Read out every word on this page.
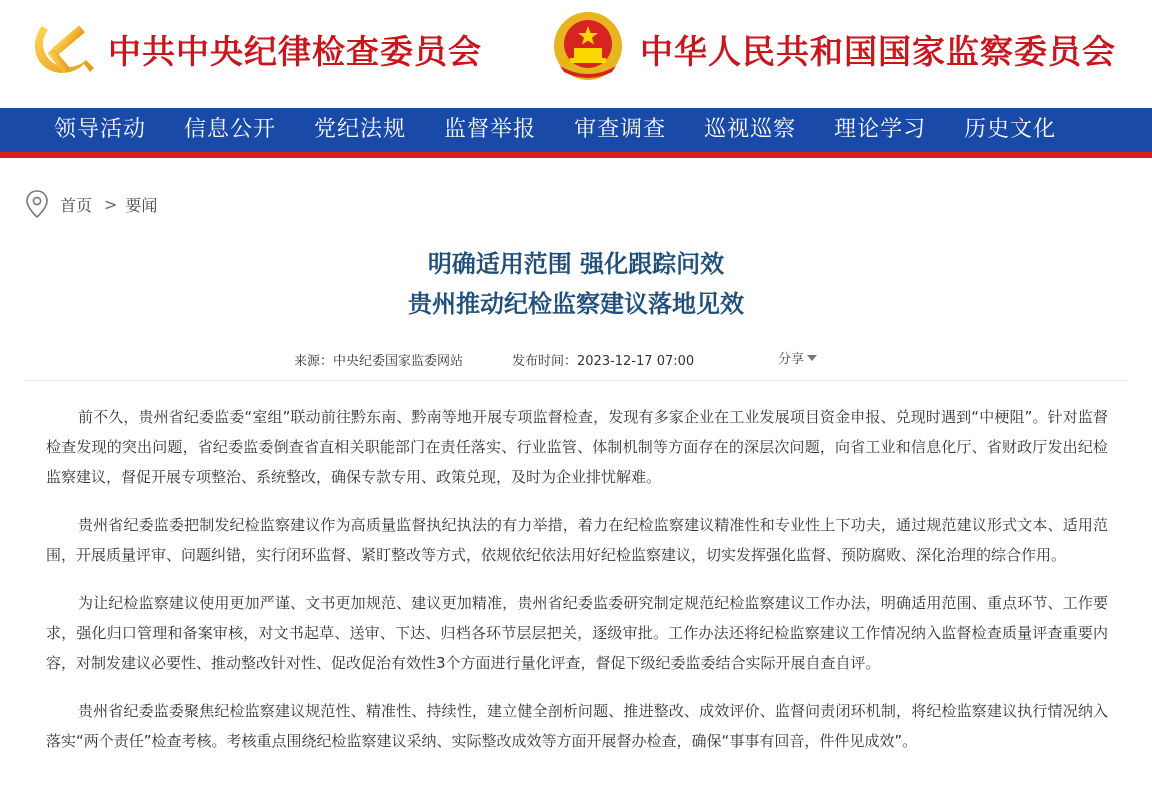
中共中央纪律检查委员会	中华人民共和国国家监察委员会
领导活动 信息公开 党纪法规 监督举报 审查调查 巡视巡察 理论学习 历史文化
首页 > 要闻
明确适用范围 强化跟踪问效
贵州推动纪检监察建议落地见效
来源：中央纪委国家监委网站	发布时间：2023-12-17 07:00	分享

前不久，贵州省纪委监委“室组”联动前往黔东南、黔南等地开展专项监督检查，发现有多家企业在工业发展项目资金申报、兑现时遇到“中梗阻”。针对监督检查发现的突出问题，省纪委监委倒查省直相关职能部门在责任落实、行业监管、体制机制等方面存在的深层次问题，向省工业和信息化厅、省财政厅发出纪检监察建议，督促开展专项整治、系统整改，确保专款专用、政策兑现，及时为企业排忧解难。

贵州省纪委监委把制发纪检监察建议作为高质量监督执纪执法的有力举措，着力在纪检监察建议精准性和专业性上下功夫，通过规范建议形式文本、适用范围，开展质量评审、问题纠错，实行闭环监督、紧盯整改等方式，依规依纪依法用好纪检监察建议，切实发挥强化监督、预防腐败、深化治理的综合作用。

为让纪检监察建议使用更加严谨、文书更加规范、建议更加精准，贵州省纪委监委研究制定规范纪检监察建议工作办法，明确适用范围、重点环节、工作要求，强化归口管理和备案审核，对文书起草、送审、下达、归档各环节层层把关，逐级审批。工作办法还将纪检监察建议工作情况纳入监督检查质量评查重要内容，对制发建议必要性、推动整改针对性、促改促治有效性3个方面进行量化评查，督促下级纪委监委结合实际开展自查自评。

贵州省纪委监委聚焦纪检监察建议规范性、精准性、持续性，建立健全剖析问题、推进整改、成效评价、监督问责闭环机制，将纪检监察建议执行情况纳入落实“两个责任”检查考核。考核重点围绕纪检监察建议采纳、实际整改成效等方面开展督办检查，确保“事事有回音，件件见成效”。
